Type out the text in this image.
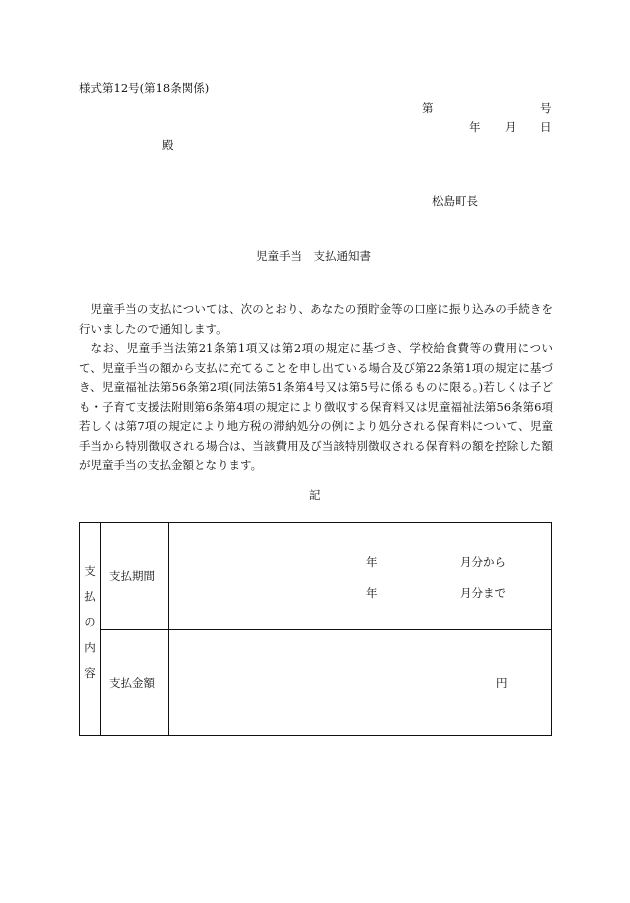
様式第12号(第18条関係)
第	号
年 月 日
殿
松島町長
児童手当　支払通知書

児童手当の支払については、次のとおり、あなたの預貯金等の口座に振り込みの手続きを行いましたので通知します。

なお、児童手当法第21条第1項又は第2項の規定に基づき、学校給食費等の費用について、児童手当の額から支払に充てることを申し出ている場合及び第22条第1項の規定に基づき、児童福祉法第56条第2項(同法第51条第4号又は第5号に係るものに限る。)若しくは子ども・子育て支援法附則第6条第4項の規定により徴収する保育料又は児童福祉法第56条第6項若しくは第7項の規定により地方税の滞納処分の例により処分される保育料について、児童手当から特別徴収される場合は、当該費用及び当該特別徴収される保育料の額を控除した額が児童手当の支払金額となります。

記
支払の内容	支払期間	年 月分から
年 月分まで

	支払金額	円
